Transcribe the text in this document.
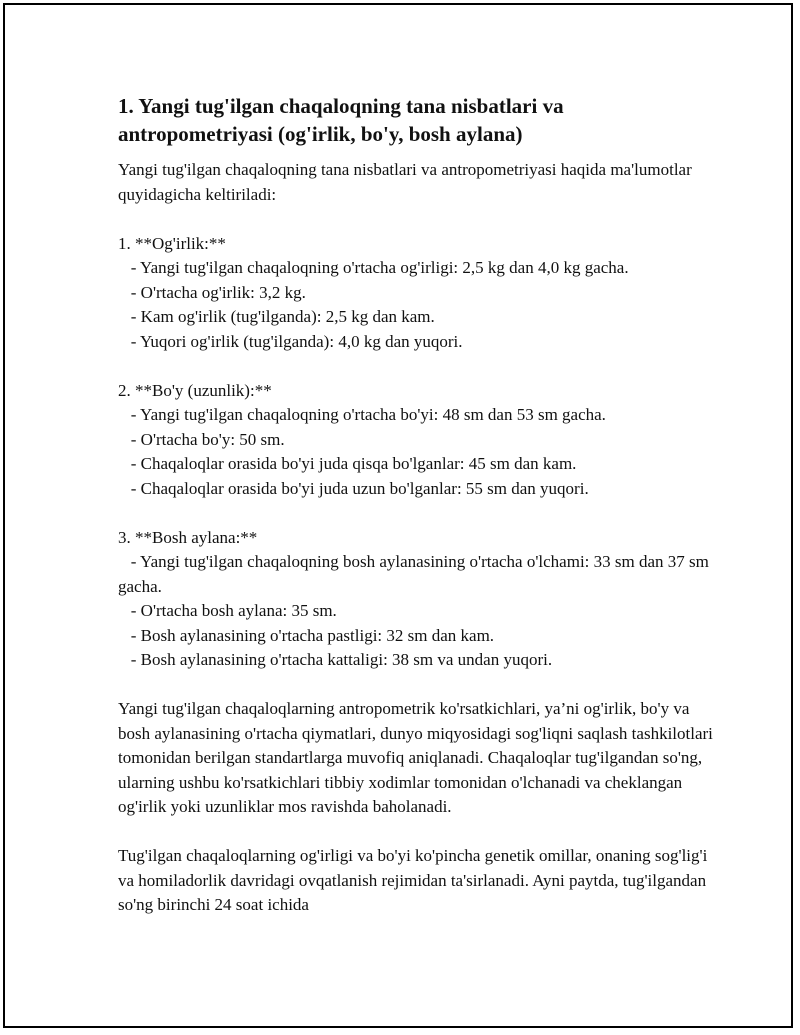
1. Yangi tug'ilgan chaqaloqning tana nisbatlari va antropometriyasi (og'irlik, bo'y, bosh aylana)

Yangi tug'ilgan chaqaloqning tana nisbatlari va antropometriyasi haqida ma'lumotlar quyidagicha keltiriladi:

1. **Og'irlik:**
- Yangi tug'ilgan chaqaloqning o'rtacha og'irligi: 2,5 kg dan 4,0 kg gacha.
- O'rtacha og'irlik: 3,2 kg.
- Kam og'irlik (tug'ilganda): 2,5 kg dan kam.
- Yuqori og'irlik (tug'ilganda): 4,0 kg dan yuqori.
2. **Bo'y (uzunlik):**
- Yangi tug'ilgan chaqaloqning o'rtacha bo'yi: 48 sm dan 53 sm gacha.
- O'rtacha bo'y: 50 sm.
- Chaqaloqlar orasida bo'yi juda qisqa bo'lganlar: 45 sm dan kam.
- Chaqaloqlar orasida bo'yi juda uzun bo'lganlar: 55 sm dan yuqori.
3. **Bosh aylana:**
- Yangi tug'ilgan chaqaloqning bosh aylanasining o'rtacha o'lchami: 33 sm dan 37 sm gacha.
- O'rtacha bosh aylana: 35 sm.
- Bosh aylanasining o'rtacha pastligi: 32 sm dan kam.
- Bosh aylanasining o'rtacha kattaligi: 38 sm va undan yuqori.

Yangi tug'ilgan chaqaloqlarning antropometrik ko'rsatkichlari, ya’ni og'irlik, bo'y va bosh aylanasining o'rtacha qiymatlari, dunyo miqyosidagi sog'liqni saqlash tashkilotlari tomonidan berilgan standartlarga muvofiq aniqlanadi. Chaqaloqlar tug'ilgandan so'ng, ularning ushbu ko'rsatkichlari tibbiy xodimlar tomonidan o'lchanadi va cheklangan og'irlik yoki uzunliklar mos ravishda baholanadi.

Tug'ilgan chaqaloqlarning og'irligi va bo'yi ko'pincha genetik omillar, onaning sog'lig'i va homiladorlik davridagi ovqatlanish rejimidan ta'sirlanadi. Ayni paytda, tug'ilgandan so'ng birinchi 24 soat ichida
